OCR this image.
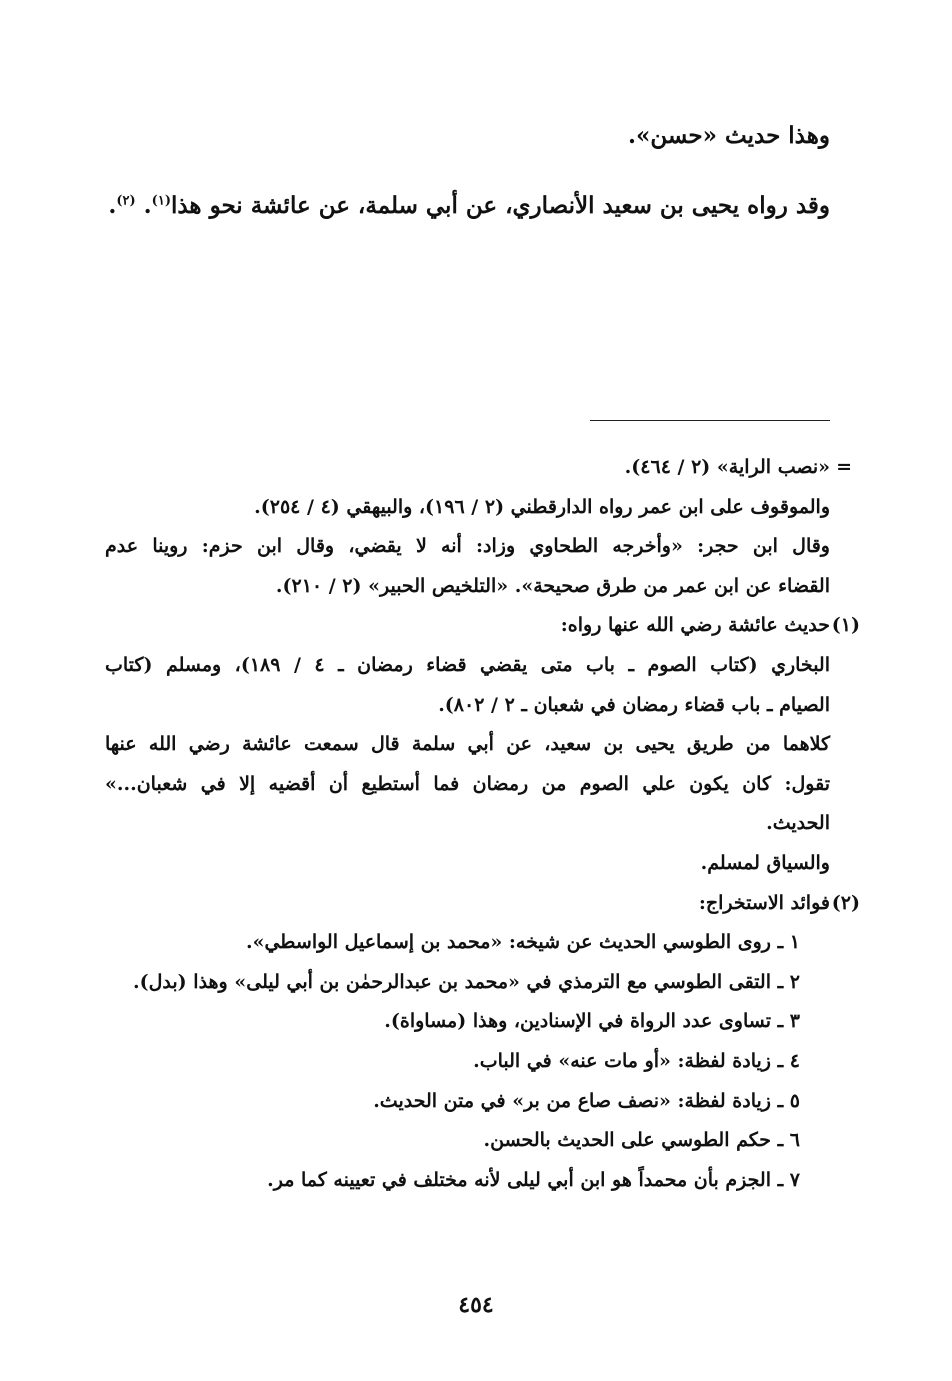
وهذا حديث «حسن».
وقد رواه يحيى بن سعيد الأنصاري، عن أبي سلمة، عن عائشة نحو هذا$^{(١)}$. $^{(٢)}$.
=
«نصب الراية» (٢ / ٤٦٤).
والموقوف على ابن عمر رواه الدارقطني (٢ / ١٩٦)، والبيهقي (٤ / ٢٥٤).
وقال ابن حجر: «وأخرجه الطحاوي وزاد: أنه لا يقضي، وقال ابن حزم: روينا عدم
القضاء عن ابن عمر من طرق صحيحة». «التلخيص الحبير» (٢ / ٢١٠).
(١)
حديث عائشة رضي الله عنها رواه:
البخاري (كتاب الصوم ـ باب متى يقضي قضاء رمضان ـ ٤ / ١٨٩)، ومسلم (كتاب
الصيام ـ باب قضاء رمضان في شعبان ـ ٢ / ٨٠٢).
كلاهما من طريق يحيى بن سعيد، عن أبي سلمة قال سمعت عائشة رضي الله عنها
تقول: كان يكون علي الصوم من رمضان فما أستطيع أن أقضيه إلا في شعبان...»
الحديث.
والسياق لمسلم.
(٢)
فوائد الاستخراج:
١ ـ روى الطوسي الحديث عن شيخه: «محمد بن إسماعيل الواسطي».
٢ ـ التقى الطوسي مع الترمذي في «محمد بن عبدالرحمٰن بن أبي ليلى» وهذا (بدل).
٣ ـ تساوى عدد الرواة في الإسنادين، وهذا (مساواة).
٤ ـ زيادة لفظة: «أو مات عنه» في الباب.
٥ ـ زيادة لفظة: «نصف صاع من بر» في متن الحديث.
٦ ـ حكم الطوسي على الحديث بالحسن.
٧ ـ الجزم بأن محمداً هو ابن أبي ليلى لأنه مختلف في تعيينه كما مر.
٤٥٤
